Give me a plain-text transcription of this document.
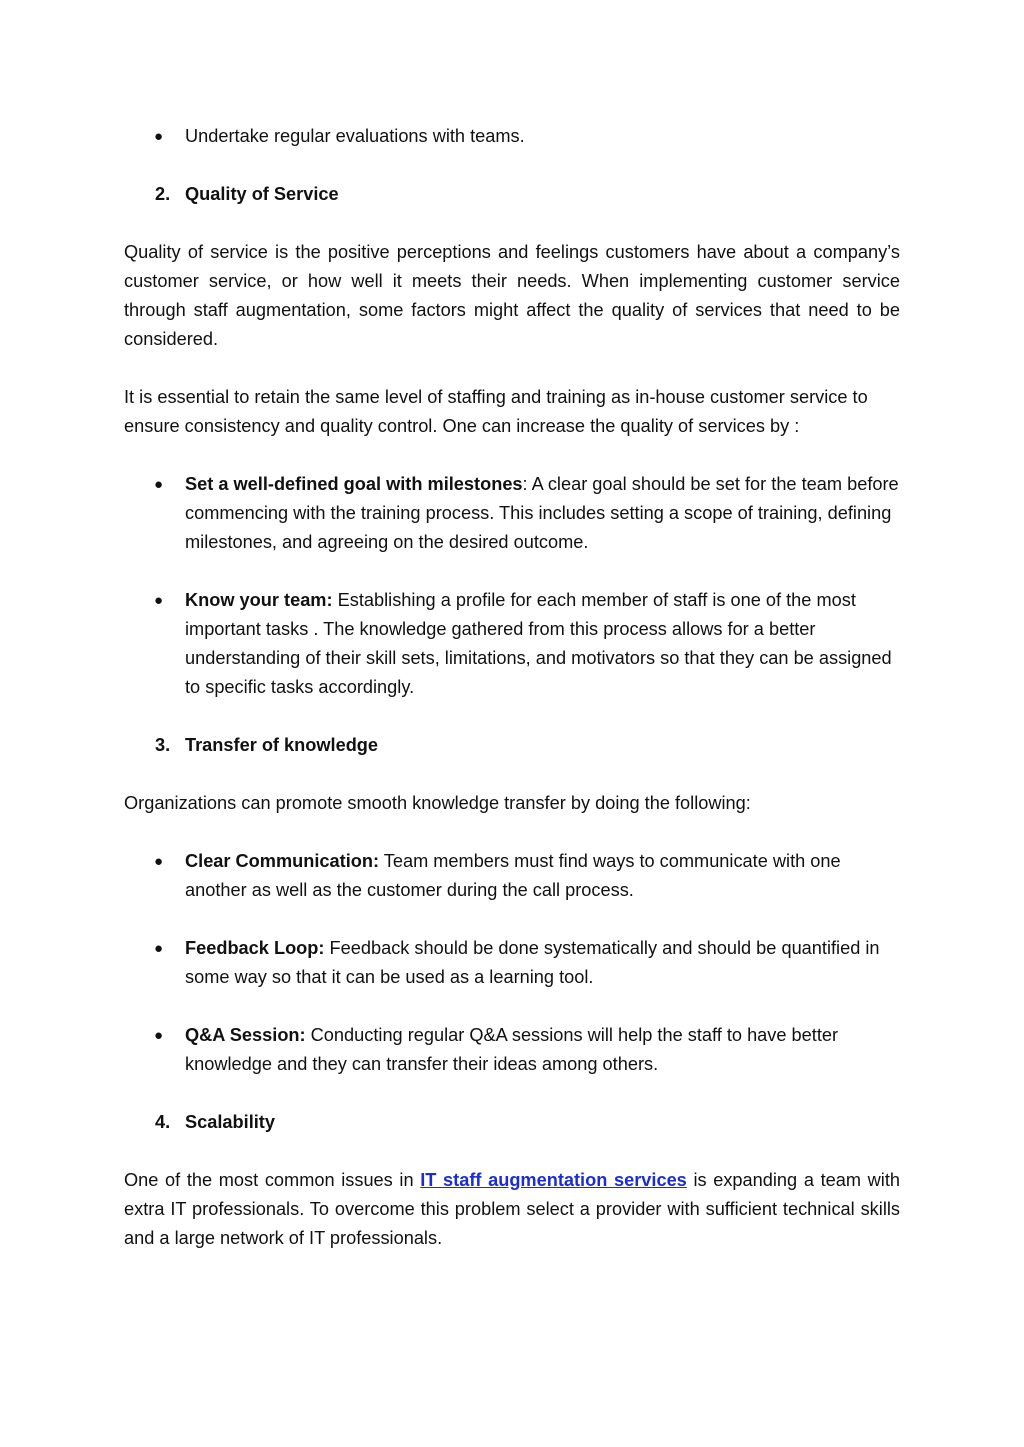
● Undertake regular evaluations with teams.

2. Quality of Service

Quality of service is the positive perceptions and feelings customers have about a company’s customer service, or how well it meets their needs. When implementing customer service through staff augmentation, some factors might affect the quality of services that need to be considered.

It is essential to retain the same level of staffing and training as in-house customer service to ensure consistency and quality control. One can increase the quality of services by :

● Set a well-defined goal with milestones: A clear goal should be set for the team before commencing with the training process. This includes setting a scope of training, defining milestones, and agreeing on the desired outcome.

● Know your team: Establishing a profile for each member of staff is one of the most important tasks . The knowledge gathered from this process allows for a better understanding of their skill sets, limitations, and motivators so that they can be assigned to specific tasks accordingly.

3. Transfer of knowledge

Organizations can promote smooth knowledge transfer by doing the following:

● Clear Communication: Team members must find ways to communicate with one another as well as the customer during the call process.

● Feedback Loop: Feedback should be done systematically and should be quantified in some way so that it can be used as a learning tool.

● Q&A Session: Conducting regular Q&A sessions will help the staff to have better knowledge and they can transfer their ideas among others.

4. Scalability

One of the most common issues in IT staff augmentation services is expanding a team with extra IT professionals. To overcome this problem select a provider with sufficient technical skills and a large network of IT professionals.
